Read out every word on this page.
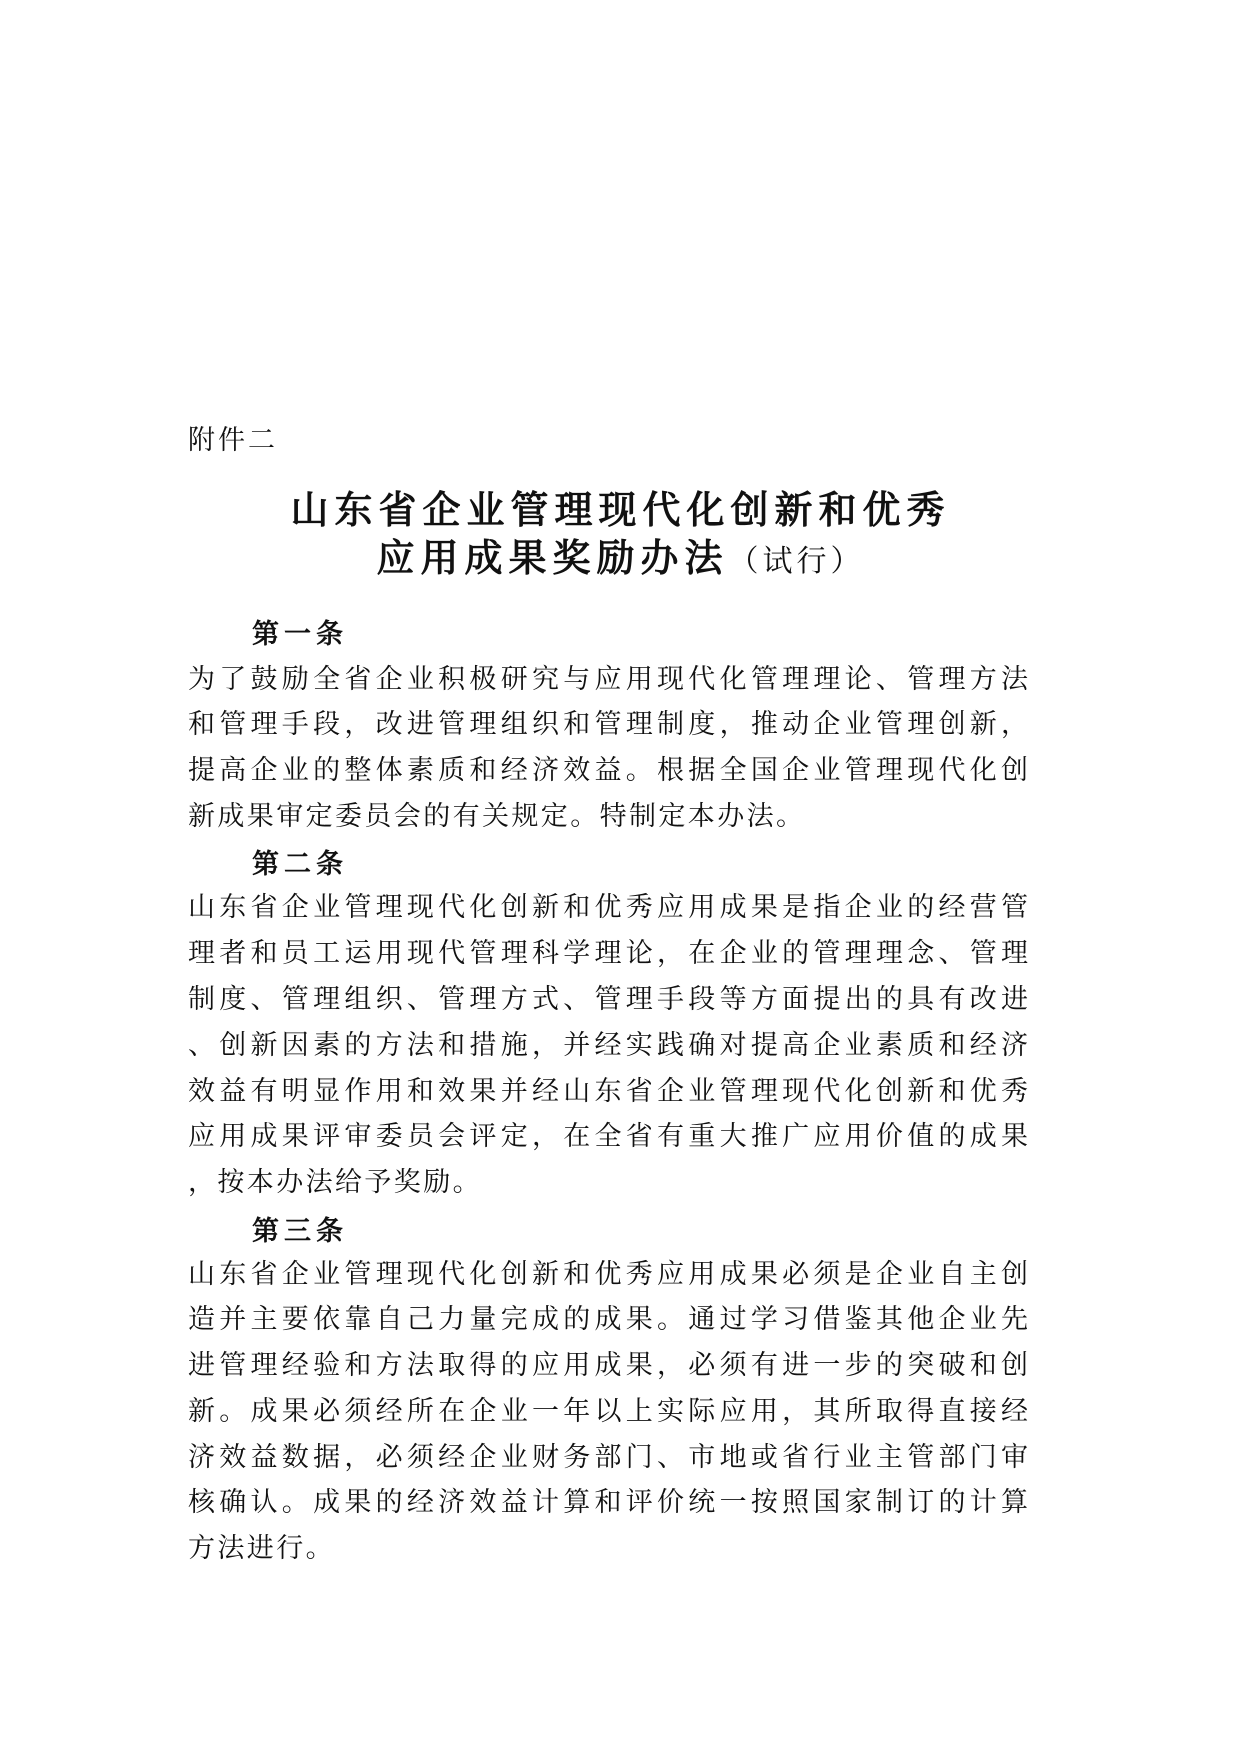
附件二
山东省企业管理现代化创新和优秀
应用成果奖励办法（试行）
第一条
为了鼓励全省企业积极研究与应用现代化管理理论、管理方法
和管理手段，改进管理组织和管理制度，推动企业管理创新，
提高企业的整体素质和经济效益。根据全国企业管理现代化创
新成果审定委员会的有关规定。特制定本办法。
第二条
山东省企业管理现代化创新和优秀应用成果是指企业的经营管
理者和员工运用现代管理科学理论，在企业的管理理念、管理
制度、管理组织、管理方式、管理手段等方面提出的具有改进
、创新因素的方法和措施，并经实践确对提高企业素质和经济
效益有明显作用和效果并经山东省企业管理现代化创新和优秀
应用成果评审委员会评定，在全省有重大推广应用价值的成果
，按本办法给予奖励。
第三条
山东省企业管理现代化创新和优秀应用成果必须是企业自主创
造并主要依靠自己力量完成的成果。通过学习借鉴其他企业先
进管理经验和方法取得的应用成果，必须有进一步的突破和创
新。成果必须经所在企业一年以上实际应用，其所取得直接经
济效益数据，必须经企业财务部门、市地或省行业主管部门审
核确认。成果的经济效益计算和评价统一按照国家制订的计算
方法进行。
